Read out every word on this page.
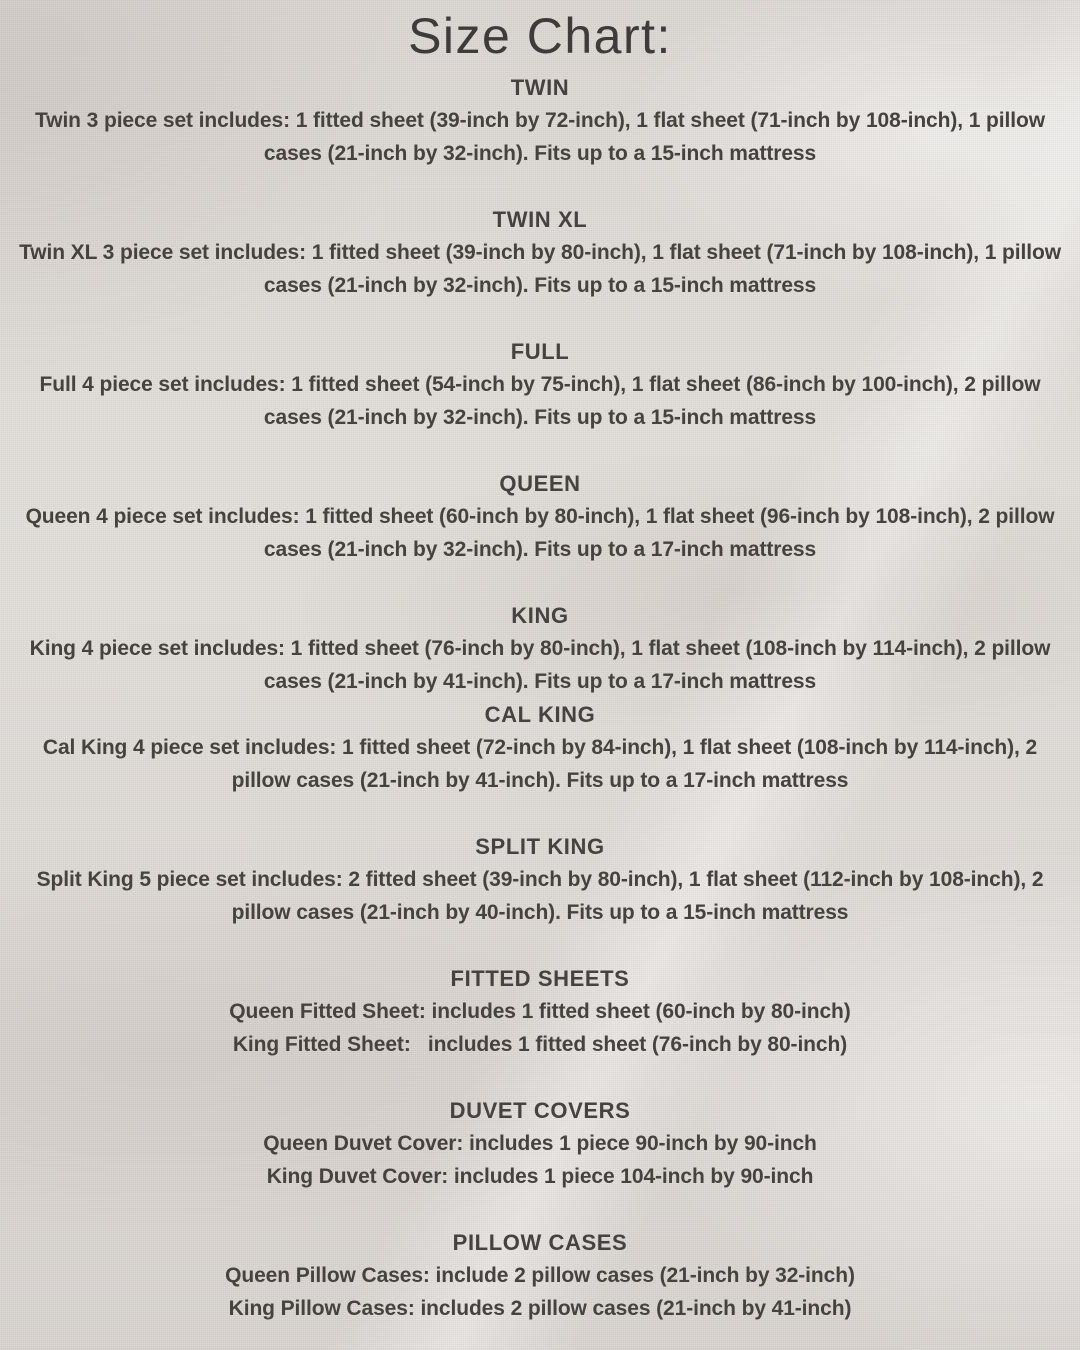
Size Chart:
TWIN

Twin 3 piece set includes: 1 fitted sheet (39-inch by 72-inch), 1 flat sheet (71-inch by 108-inch), 1 pillow cases (21-inch by 32-inch). Fits up to a 15-inch mattress

TWIN XL

Twin XL 3 piece set includes: 1 fitted sheet (39-inch by 80-inch), 1 flat sheet (71-inch by 108-inch), 1 pillow cases (21-inch by 32-inch). Fits up to a 15-inch mattress

FULL

Full 4 piece set includes: 1 fitted sheet (54-inch by 75-inch), 1 flat sheet (86-inch by 100-inch), 2 pillow cases (21-inch by 32-inch). Fits up to a 15-inch mattress

QUEEN

Queen 4 piece set includes: 1 fitted sheet (60-inch by 80-inch), 1 flat sheet (96-inch by 108-inch), 2 pillow cases (21-inch by 32-inch). Fits up to a 17-inch mattress

KING

King 4 piece set includes: 1 fitted sheet (76-inch by 80-inch), 1 flat sheet (108-inch by 114-inch), 2 pillow cases (21-inch by 41-inch). Fits up to a 17-inch mattress

CAL KING

Cal King 4 piece set includes: 1 fitted sheet (72-inch by 84-inch), 1 flat sheet (108-inch by 114-inch), 2 pillow cases (21-inch by 41-inch). Fits up to a 17-inch mattress

SPLIT KING

Split King 5 piece set includes: 2 fitted sheet (39-inch by 80-inch), 1 flat sheet (112-inch by 108-inch), 2 pillow cases (21-inch by 40-inch). Fits up to a 15-inch mattress

FITTED SHEETS

Queen Fitted Sheet: includes 1 fitted sheet (60-inch by 80-inch)

King Fitted Sheet:   includes 1 fitted sheet (76-inch by 80-inch)

DUVET COVERS

Queen Duvet Cover: includes 1 piece 90-inch by 90-inch

King Duvet Cover: includes 1 piece 104-inch by 90-inch

PILLOW CASES

Queen Pillow Cases: include 2 pillow cases (21-inch by 32-inch)

King Pillow Cases: includes 2 pillow cases (21-inch by 41-inch)
